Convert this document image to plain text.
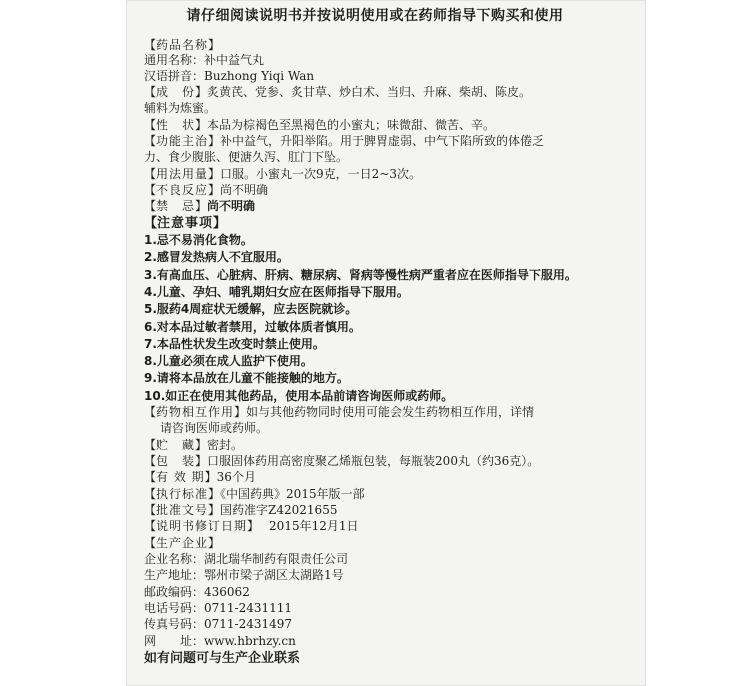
请仔细阅读说明书并按说明使用或在药师指导下购买和使用
【 药品名称 】
通用名称：补中益气丸
汉语拼音：Buzhong Yiqi Wan
【 成　份 】 炙黄芪、党参、炙甘草、炒白术、当归、升麻、柴胡、陈皮。
辅料为炼蜜。
【 性　状 】 本品为棕褐色至黑褐色的小蜜丸；味微甜、微苦、辛。
【 功能主治 】 补中益气，升阳举陷。用于脾胃虚弱、中气下陷所致的体倦乏
力、食少腹胀、便溏久泻、肛门下坠。
【 用法用量 】 口服。小蜜丸一次9克，一日2~3次。
【 不良反应 】 尚不明确
【 禁　忌 】 尚不明确
【 注意事项 】
1.忌不易消化食物。
2.感冒发热病人不宜服用。
3.有高血压、心脏病、肝病、糖尿病、肾病等慢性病严重者应在医师指导下服用。
4.儿童、孕妇、哺乳期妇女应在医师指导下服用。
5.服药4周症状无缓解，应去医院就诊。
6.对本品过敏者禁用，过敏体质者慎用。
7.本品性状发生改变时禁止使用。
8.儿童必须在成人监护下使用。
9.请将本品放在儿童不能接触的地方。
10.如正在使用其他药品，使用本品前请咨询医师或药师。
【 药物相互作用 】 如与其他药物同时使用可能会发生药物相互作用，详情
请咨询医师或药师。
【 贮　藏 】 密封。
【 包　装 】 口服固体药用高密度聚乙烯瓶包装，每瓶装200丸（约36克）。
【 有 效 期 】 36个月
【 执行标准 】 《中国药典》2015年版一部
【 批准文号 】 国药准字Z42021655
【 说明书修订日期 】 2015年12月1日
【 生产企业 】
企业名称：湖北瑞华制药有限责任公司
生产地址：鄂州市梁子湖区太湖路1号
邮政编码：436062
电话号码：0711-2431111
传真号码：0711-2431497
网　　址：www.hbrhzy.cn
如有问题可与生产企业联系
